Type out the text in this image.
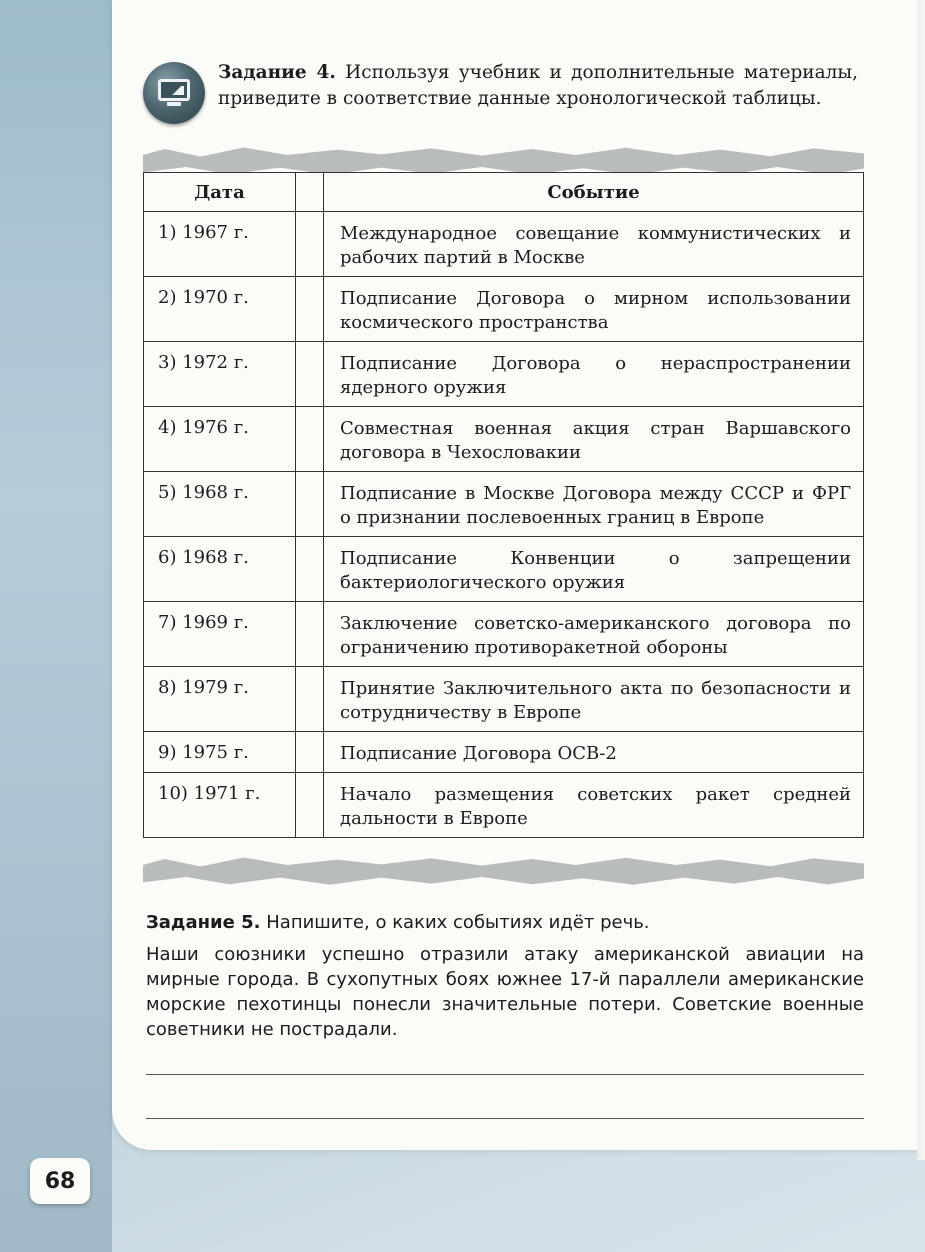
Задание 4. Используя учебник и дополнительные материалы, приведите в соответствие данные хронологической таблицы.
Дата		Событие
1) 1967 г.		Международное совещание коммунистических и рабочих партий в Москве
2) 1970 г.		Подписание Договора о мирном использовании космического пространства
3) 1972 г.		Подписание Договора о нераспространении ядерного оружия
4) 1976 г.		Совместная военная акция стран Варшавского договора в Чехословакии
5) 1968 г.		Подписание в Москве Договора между СССР и ФРГ о признании послевоенных границ в Европе
6) 1968 г.		Подписание Конвенции о запрещении бактериологического оружия
7) 1969 г.		Заключение советско-американского договора по ограничению противоракетной обороны
8) 1979 г.		Принятие Заключительного акта по безопасности и сотрудничеству в Европе
9) 1975 г.		Подписание Договора ОСВ-2
10) 1971 г.		Начало размещения советских ракет средней дальности в Европе
Задание 5. Напишите, о каких событиях идёт речь.
Наши союзники успешно отразили атаку американской авиации на мирные города. В сухопутных боях южнее 17-й параллели американские морские пехотинцы понесли значительные потери. Советские военные советники не пострадали.
68
